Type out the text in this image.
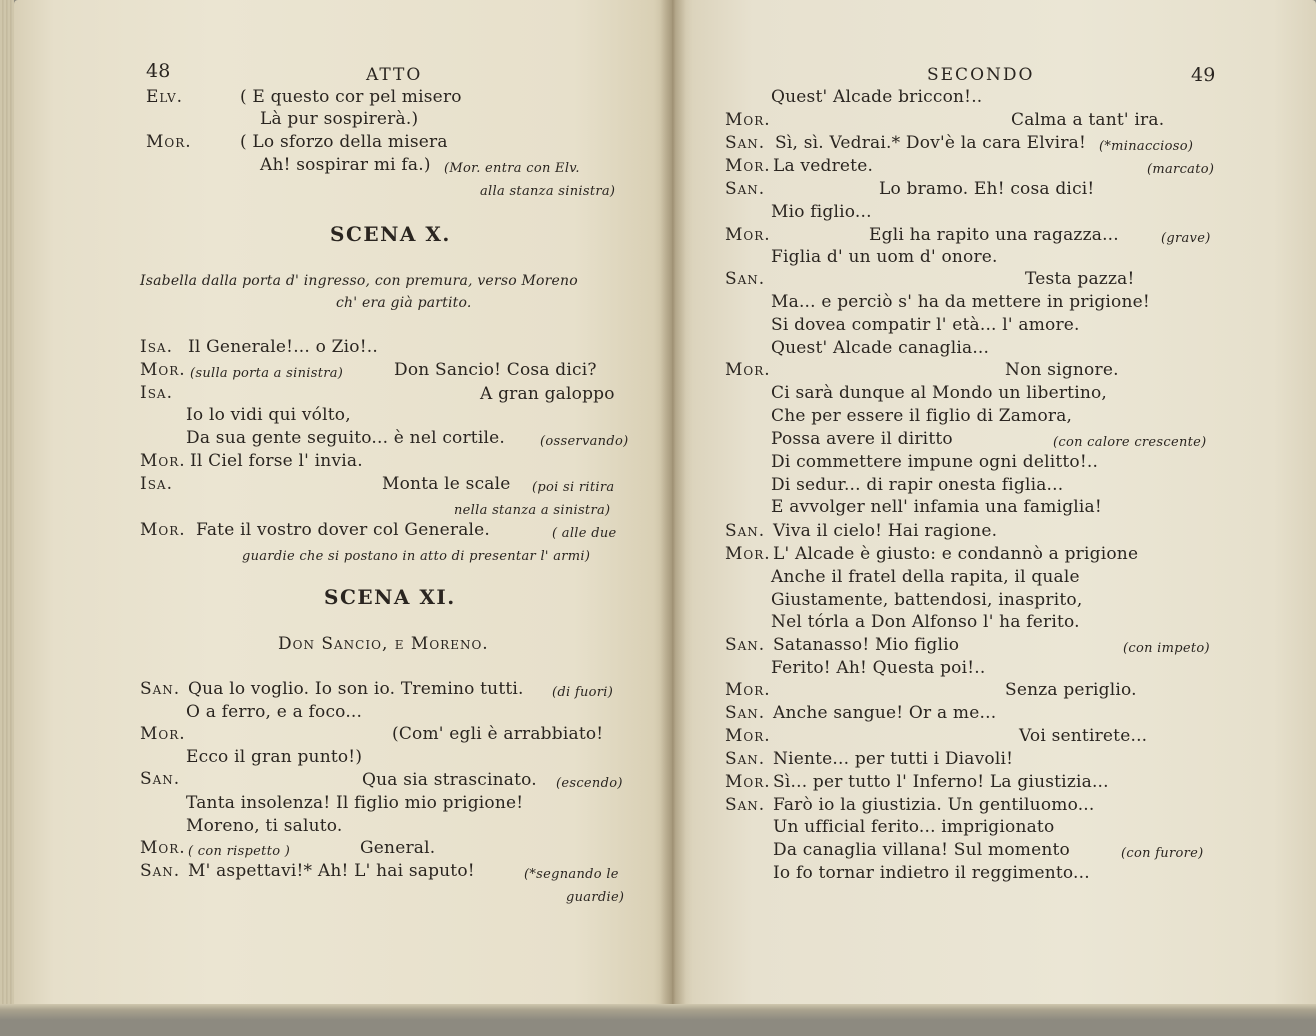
48	ATTO
Elv.	( E questo cor pel misero
Là pur sospirerà.)
Mor.	( Lo sforzo della misera
Ah! sospirar mi fa.) (Mor. entra con Elv.
alla stanza sinistra)
SCENA X.
Isabella dalla porta d' ingresso, con premura, verso Moreno
ch' era già partito.
Isa. Il Generale!... o Zio!..
Mor. (sulla porta a sinistra)	Don Sancio! Cosa dici?
Isa.	A gran galoppo
Io lo vidi qui vólto,
Da sua gente seguito... è nel cortile.	(osservando)
Mor. Il Ciel forse l' invia.
Isa.	Monta le scale (poi si ritira
nella stanza a sinistra)
Mor. Fate il vostro dover col Generale.	( alle due
guardie che si postano in atto di presentar l' armi)
SCENA XI.
Don Sancio, e Moreno.
San. Qua lo voglio. Io son io. Tremino tutti. (di fuori)
O a ferro, e a foco...
Mor.	(Com' egli è arrabbiato!
Ecco il gran punto!)
San.	Qua sia strascinato. (escendo)
Tanta insolenza! Il figlio mio prigione!
Moreno, ti saluto.
Mor. ( con rispetto )	General.
San. M' aspettavi!* Ah! L' hai saputo!	(*segnando le
guardie)
SECONDO	49
Quest' Alcade briccon!..
Mor.	Calma a tant' ira.
San. Sì, sì. Vedrai.* Dov'è la cara Elvira! (*minaccioso)
Mor. La vedrete.	(marcato)
San.	Lo bramo. Eh! cosa dici!
Mio figlio...
Mor.	Egli ha rapito una ragazza...	(grave)
Figlia d' un uom d' onore.
San.	Testa pazza!
Ma... e perciò s' ha da mettere in prigione!
Si dovea compatir l' età... l' amore.
Quest' Alcade canaglia...
Mor.	Non signore.
Ci sarà dunque al Mondo un libertino,
Che per essere il figlio di Zamora,
Possa avere il diritto	(con calore crescente)
Di commettere impune ogni delitto!..
Di sedur... di rapir onesta figlia...
E avvolger nell' infamia una famiglia!
San. Viva il cielo! Hai ragione.
Mor. L' Alcade è giusto: e condannò a prigione
Anche il fratel della rapita, il quale
Giustamente, battendosi, inasprito,
Nel tórla a Don Alfonso l' ha ferito.
San. Satanasso! Mio figlio	(con impeto)
Ferito! Ah! Questa poi!..
Mor.	Senza periglio.
San. Anche sangue! Or a me...
Mor.	Voi sentirete...
San. Niente... per tutti i Diavoli!
Mor. Sì... per tutto l' Inferno! La giustizia...
San. Farò io la giustizia. Un gentiluomo...
Un ufficial ferito... imprigionato
Da canaglia villana! Sul momento	(con furore)
Io fo tornar indietro il reggimento...
